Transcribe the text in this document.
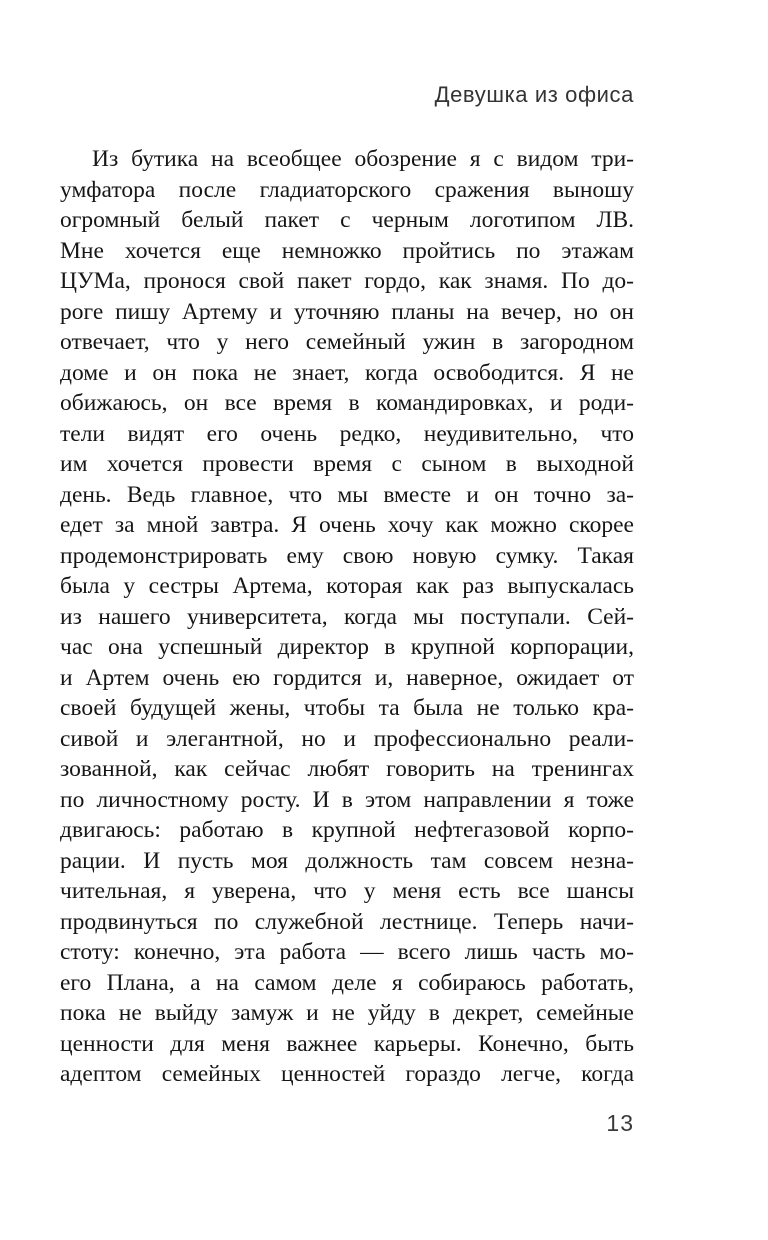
Девушка из офиса
Из бутика на всеобщее обозрение я с видом три-
умфатора после гладиаторского сражения выношу
огромный белый пакет с черным логотипом ЛВ.
Мне хочется еще немножко пройтись по этажам
ЦУМа, пронося свой пакет гордо, как знамя. По до-
роге пишу Артему и уточняю планы на вечер, но он
отвечает, что у него семейный ужин в загородном
доме и он пока не знает, когда освободится. Я не
обижаюсь, он все время в командировках, и роди-
тели видят его очень редко, неудивительно, что
им хочется провести время с сыном в выходной
день. Ведь главное, что мы вместе и он точно за-
едет за мной завтра. Я очень хочу как можно скорее
продемонстрировать ему свою новую сумку. Такая
была у сестры Артема, которая как раз выпускалась
из нашего университета, когда мы поступали. Сей-
час она успешный директор в крупной корпорации,
и Артем очень ею гордится и, наверное, ожидает от
своей будущей жены, чтобы та была не только кра-
сивой и элегантной, но и профессионально реали-
зованной, как сейчас любят говорить на тренингах
по личностному росту. И в этом направлении я тоже
двигаюсь: работаю в крупной нефтегазовой корпо-
рации. И пусть моя должность там совсем незна-
чительная, я уверена, что у меня есть все шансы
продвинуться по служебной лестнице. Теперь начи-
стоту: конечно, эта работа — всего лишь часть мо-
его Плана, а на самом деле я собираюсь работать,
пока не выйду замуж и не уйду в декрет, семейные
ценности для меня важнее карьеры. Конечно, быть
адептом семейных ценностей гораздо легче, когда
13
